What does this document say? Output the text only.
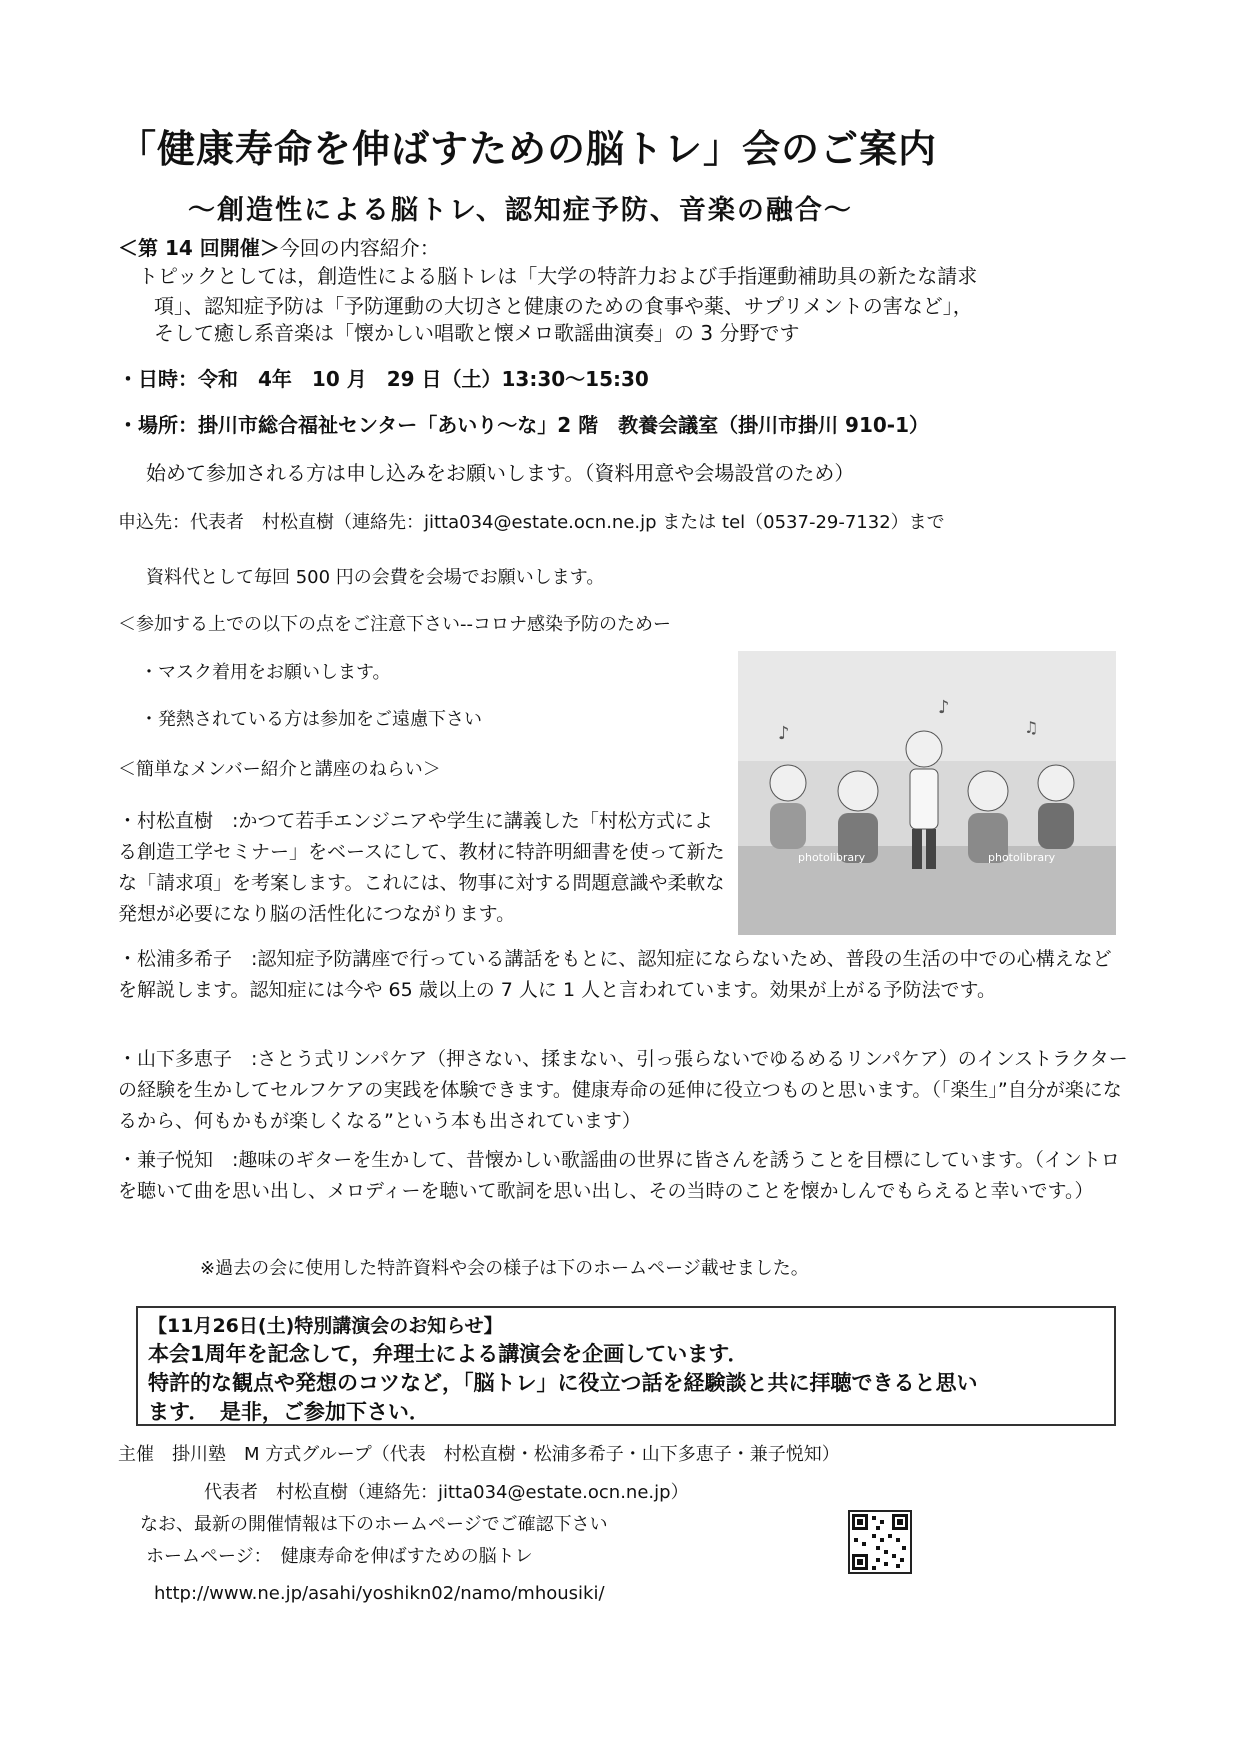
「健康寿命を伸ばすための脳トレ」会のご案内
～創造性による脳トレ、認知症予防、音楽の融合～
＜第 14 回開催＞今回の内容紹介：
トピックとしては，創造性による脳トレは「大学の特許力および手指運動補助具の新たな請求
項」、認知症予防は「予防運動の大切さと健康のための食事や薬、サプリメントの害など」，
そして癒し系音楽は「懐かしい唱歌と懐メロ歌謡曲演奏」の 3 分野です
・日時：令和　4年　10 月　29 日（土）13:30～15:30
・場所：掛川市総合福祉センター「あいり～な」2 階　教養会議室（掛川市掛川 910-1）
始めて参加される方は申し込みをお願いします。（資料用意や会場設営のため）
申込先：代表者　村松直樹（連絡先：jitta034@estate.ocn.ne.jp または tel（0537-29-7132）まで
資料代として毎回 500 円の会費を会場でお願いします。
＜参加する上での以下の点をご注意下さい--コロナ感染予防のためー
・マスク着用をお願いします。
・発熱されている方は参加をご遠慮下さい
＜簡単なメンバー紹介と講座のねらい＞
・村松直樹　:かつて若手エンジニアや学生に講義した「村松方式による創造工学セミナー」をベースにして、教材に特許明細書を使って新たな「請求項」を考案します。これには、物事に対する問題意識や柔軟な発想が必要になり脳の活性化につながります。
♪
♪
♫
photolibrary	photolibrary
・松浦多希子　:認知症予防講座で行っている講話をもとに、認知症にならないため、普段の生活の中での心構えなどを解説します。認知症には今や 65 歳以上の 7 人に 1 人と言われています。効果が上がる予防法です。
・山下多恵子　:さとう式リンパケア（押さない、揉まない、引っ張らないでゆるめるリンパケア）のインストラクターの経験を生かしてセルフケアの実践を体験できます。健康寿命の延伸に役立つものと思います。（「楽生」”自分が楽になるから、何もかもが楽しくなる”という本も出されています）
・兼子悦知　:趣味のギターを生かして、昔懐かしい歌謡曲の世界に皆さんを誘うことを目標にしています。（イントロを聴いて曲を思い出し、メロディーを聴いて歌詞を思い出し、その当時のことを懐かしんでもらえると幸いです。）
※過去の会に使用した特許資料や会の様子は下のホームページ載せました。
【11月26日(土)特別講演会のお知らせ】
本会1周年を記念して，弁理士による講演会を企画しています．
特許的な観点や発想のコツなど，「脳トレ」に役立つ話を経験談と共に拝聴できると思い
ます．　是非，ご参加下さい．
主催　掛川塾　M 方式グループ（代表　村松直樹・松浦多希子・山下多恵子・兼子悦知）
代表者　村松直樹（連絡先：jitta034@estate.ocn.ne.jp）
なお、最新の開催情報は下のホームページでご確認下さい
ホームページ：　健康寿命を伸ばすための脳トレ
http://www.ne.jp/asahi/yoshikn02/namo/mhousiki/
